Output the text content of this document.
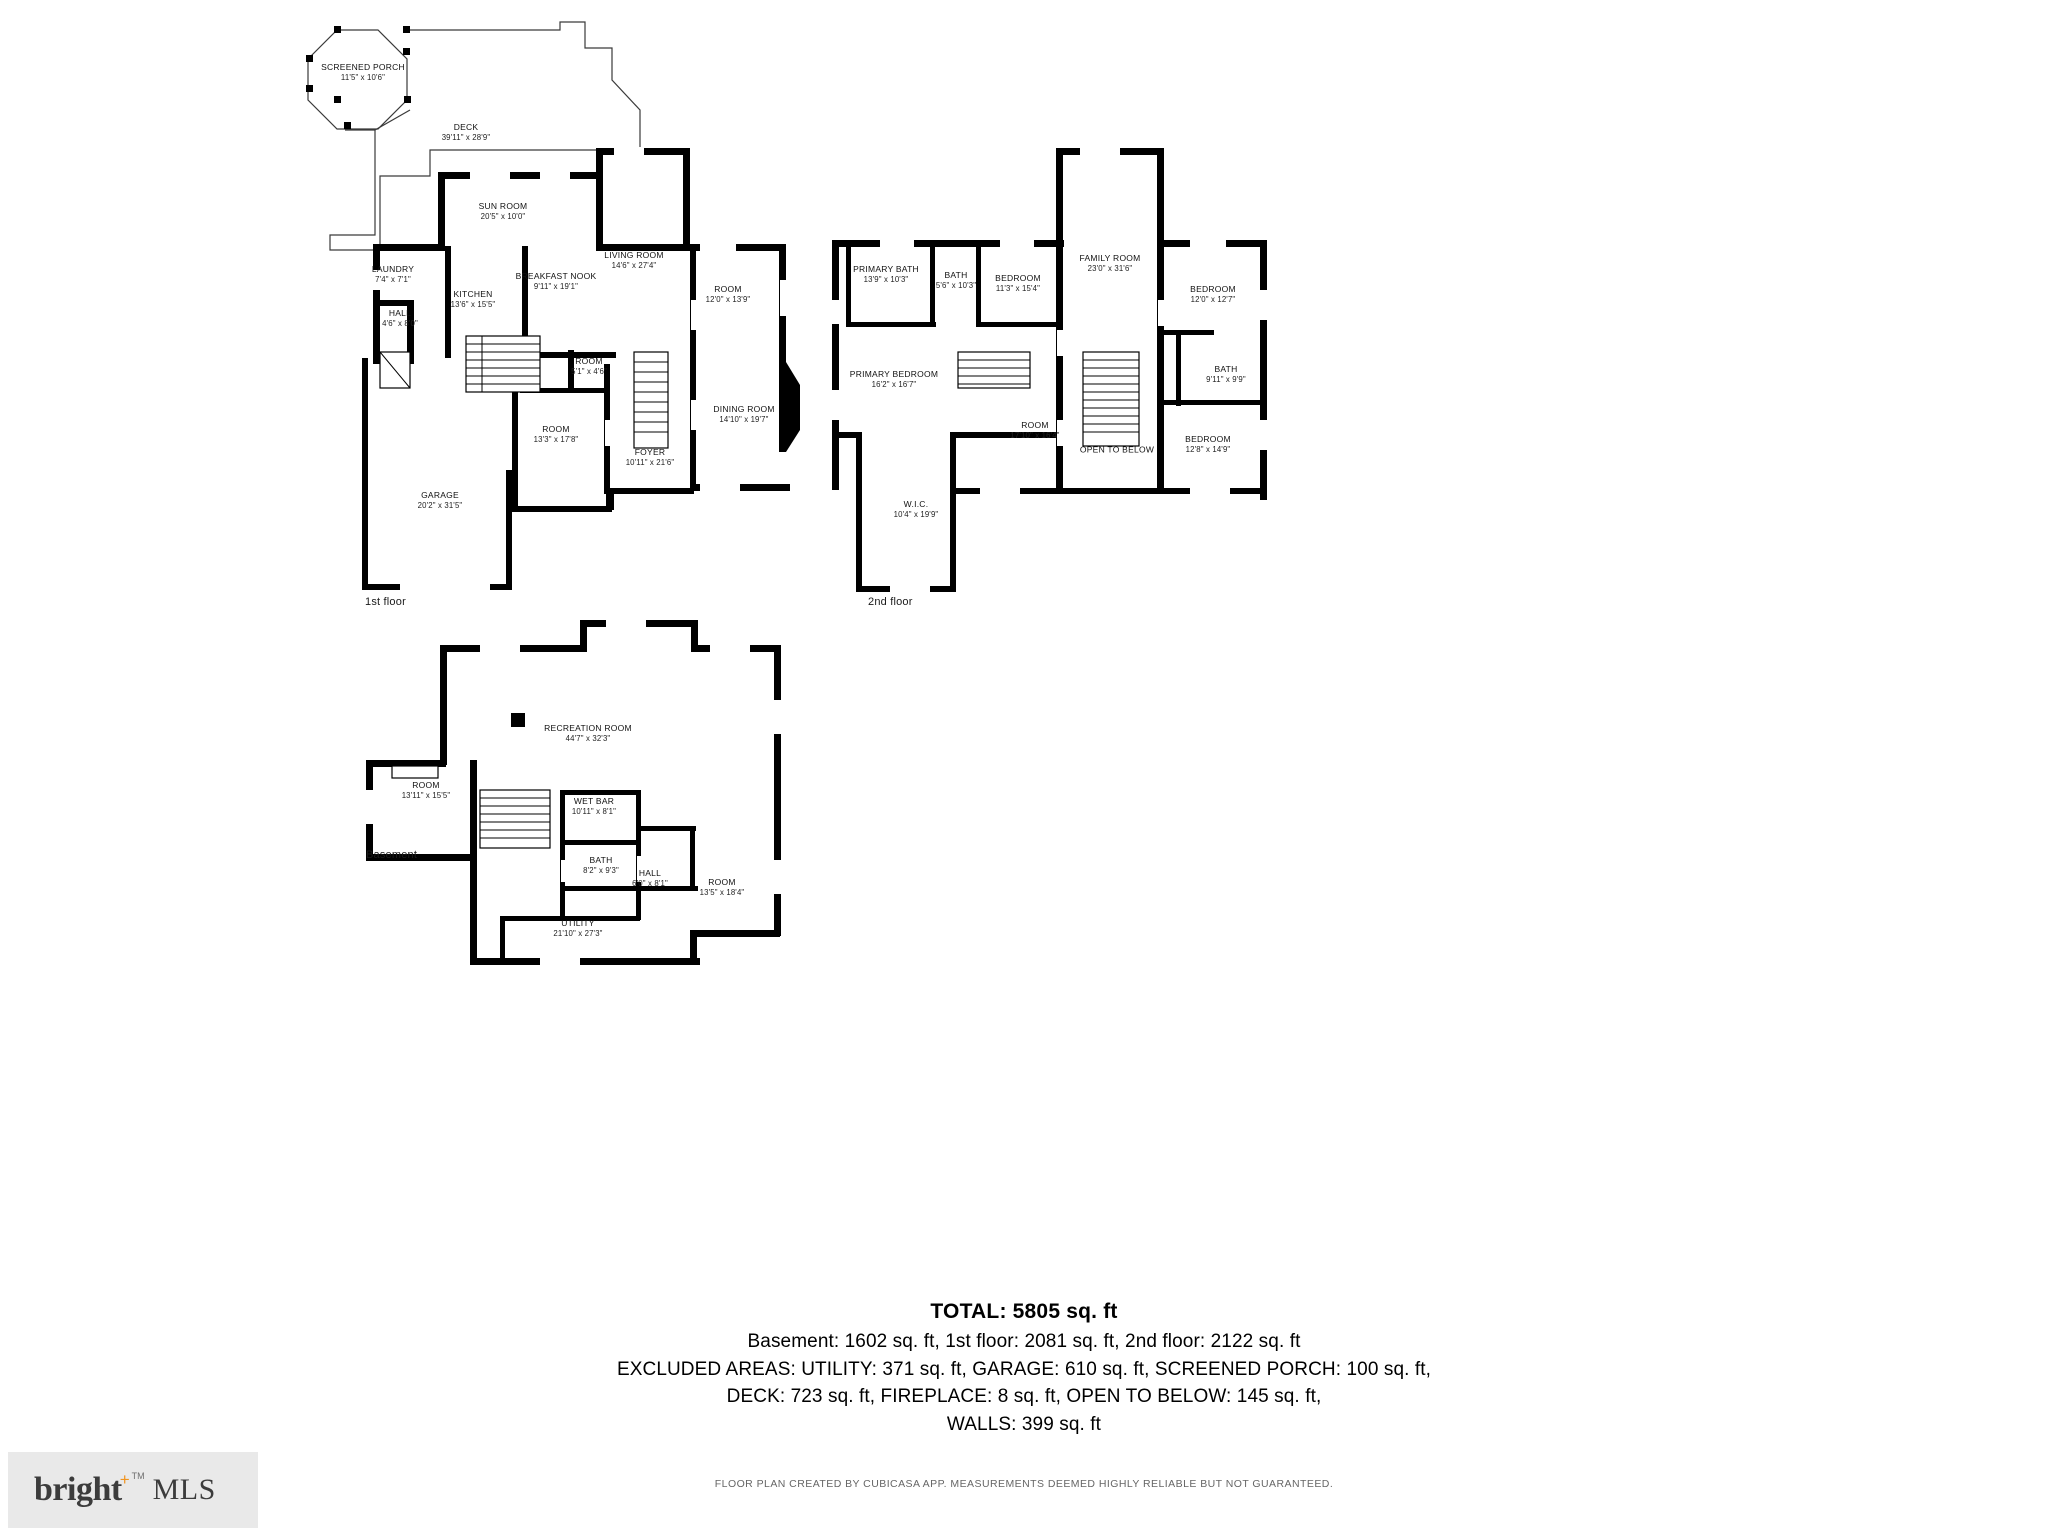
1st floor
SCREENED PORCH
11'5" x 10'6"
DECK
39'11" x 28'9"
SUN ROOM
20'5" x 10'0"
LIVING ROOM
14'6" x 27'4"
LAUNDRY
7'4" x 7'1"	BREAKFAST NOOK
9'11" x 19'1"	ROOM
12'0" x 13'9"
KITCHEN
13'6" x 15'5"
HALL
4'6" x 8'0"
ROOM
5'1" x 4'6"
DINING ROOM
14'10" x 19'7"
ROOM
13'3" x 17'8"
FOYER
10'11" x 21'6"
GARAGE
20'2" x 31'5"
2nd floor
FAMILY ROOM
23'0" x 31'6"
PRIMARY BATH
13'9" x 10'3"	BATH
5'6" x 10'3"
BEDROOM
11'3" x 15'4"	BEDROOM
12'0" x 12'7"
PRIMARY BEDROOM
16'2" x 16'7"
BATH
9'11" x 9'9"
ROOM
17'10" x 16'4"	BEDROOM
12'8" x 14'9"
OPEN TO BELOW
W.I.C.
10'4" x 19'9"
Basement
RECREATION ROOM
44'7" x 32'3"
ROOM
13'11" x 15'5"
WET BAR
10'11" x 8'1"
BATH
8'2" x 9'3"	HALL
6'0" x 8'1"	ROOM
13'5" x 18'4"
UTILITY
21'10" x 27'3"
TOTAL: 5805 sq. ft
Basement: 1602 sq. ft, 1st floor: 2081 sq. ft, 2nd floor: 2122 sq. ft
EXCLUDED AREAS: UTILITY: 371 sq. ft, GARAGE: 610 sq. ft, SCREENED PORCH: 100 sq. ft,
DECK: 723 sq. ft, FIREPLACE: 8 sq. ft, OPEN TO BELOW: 145 sq. ft,
WALLS: 399 sq. ft
FLOOR PLAN CREATED BY CUBICASA APP. MEASUREMENTS DEEMED HIGHLY RELIABLE BUT NOT GUARANTEED.
bright
+ TM MLS
